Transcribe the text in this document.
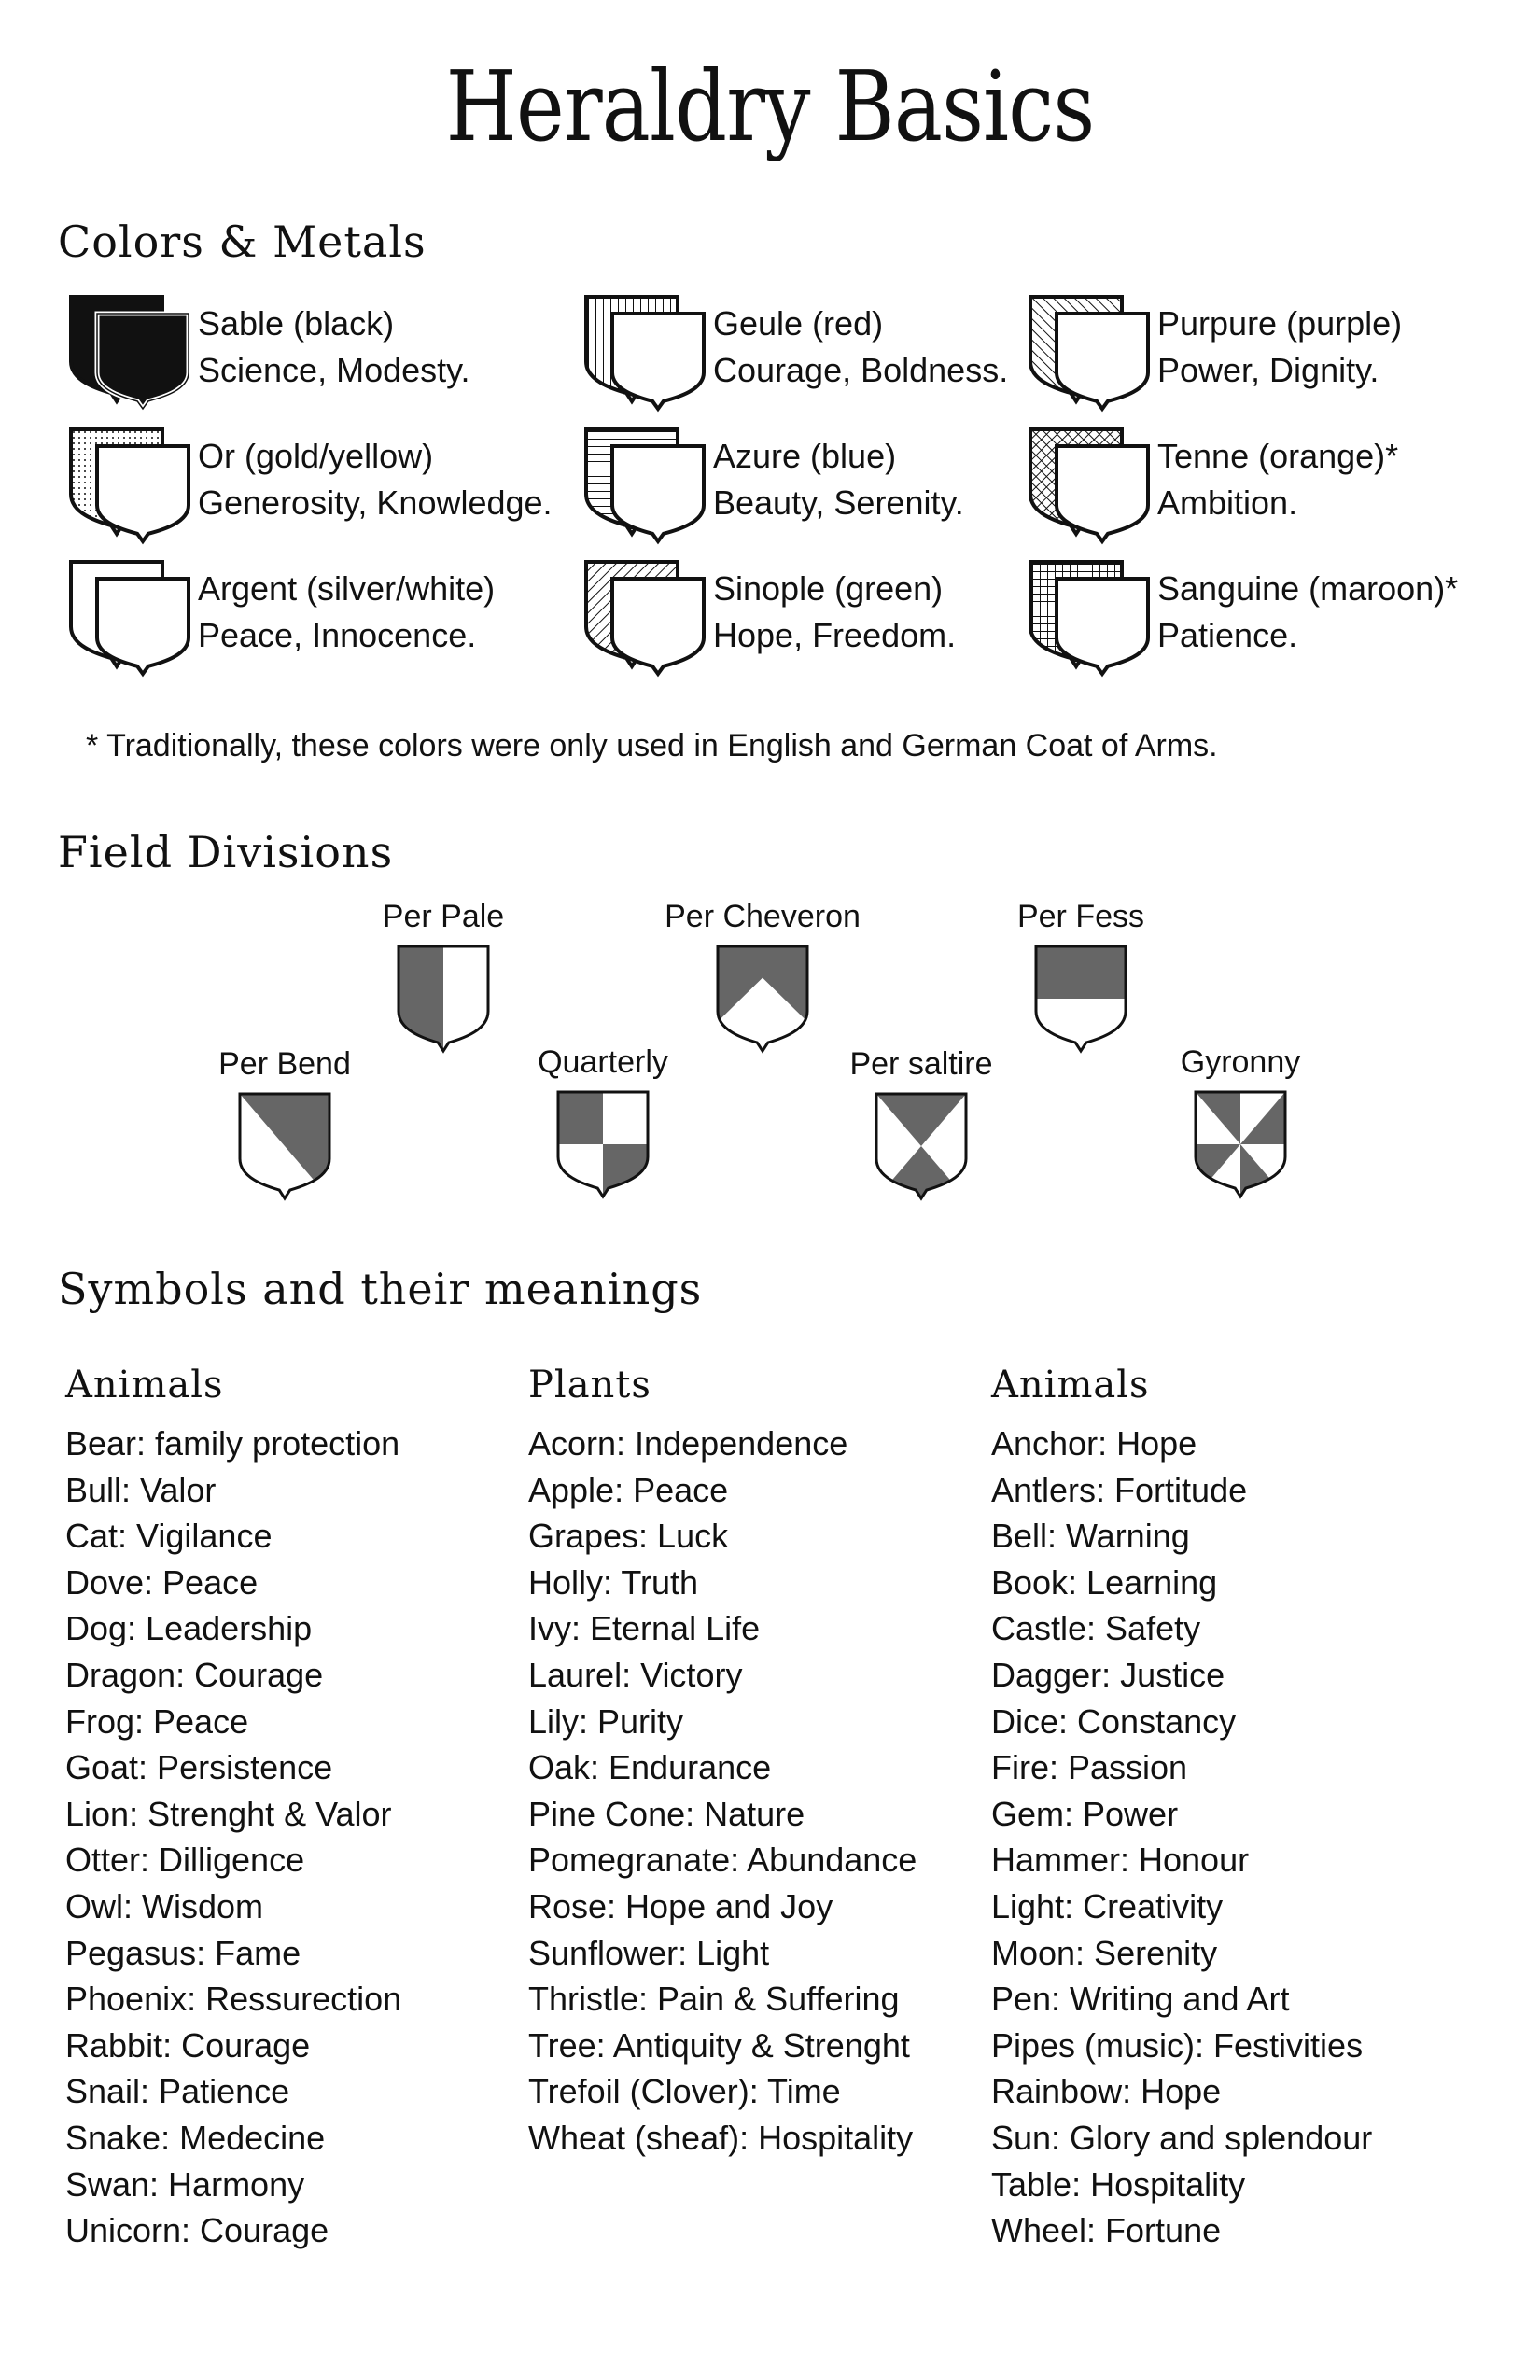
Heraldry Basics
Colors & Metals
Sable (black)
Science, Modesty.
Or (gold/yellow)
Generosity, Knowledge.
Argent (silver/white)
Peace, Innocence.
Geule (red)
Courage, Boldness.
Azure (blue)
Beauty, Serenity.
Sinople (green)
Hope, Freedom.
Purpure (purple)
Power, Dignity.
Tenne (orange)*
Ambition.
Sanguine (maroon)*
Patience.
* Traditionally, these colors were only used in English and German Coat of Arms.
Field Divisions
Per Pale	Per Cheveron	Per Fess
Per Bend	Quarterly	Per saltire	Gyronny
Symbols and their meanings
Animals
Bear: family protection
Bull: Valor
Cat: Vigilance
Dove: Peace
Dog: Leadership
Dragon: Courage
Frog: Peace
Goat: Persistence
Lion: Strenght & Valor
Otter: Dilligence
Owl: Wisdom
Pegasus: Fame
Phoenix: Ressurection
Rabbit: Courage
Snail: Patience
Snake: Medecine
Swan: Harmony
Unicorn: Courage
Plants
Acorn: Independence
Apple: Peace
Grapes: Luck
Holly: Truth
Ivy: Eternal Life
Laurel: Victory
Lily: Purity
Oak: Endurance
Pine Cone: Nature
Pomegranate: Abundance
Rose: Hope and Joy
Sunflower: Light
Thristle: Pain & Suffering
Tree: Antiquity & Strenght
Trefoil (Clover): Time
Wheat (sheaf): Hospitality
Animals
Anchor: Hope
Antlers: Fortitude
Bell: Warning
Book: Learning
Castle: Safety
Dagger: Justice
Dice: Constancy
Fire: Passion
Gem: Power
Hammer: Honour
Light: Creativity
Moon: Serenity
Pen: Writing and Art
Pipes (music): Festivities
Rainbow: Hope
Sun: Glory and splendour
Table: Hospitality
Wheel: Fortune
